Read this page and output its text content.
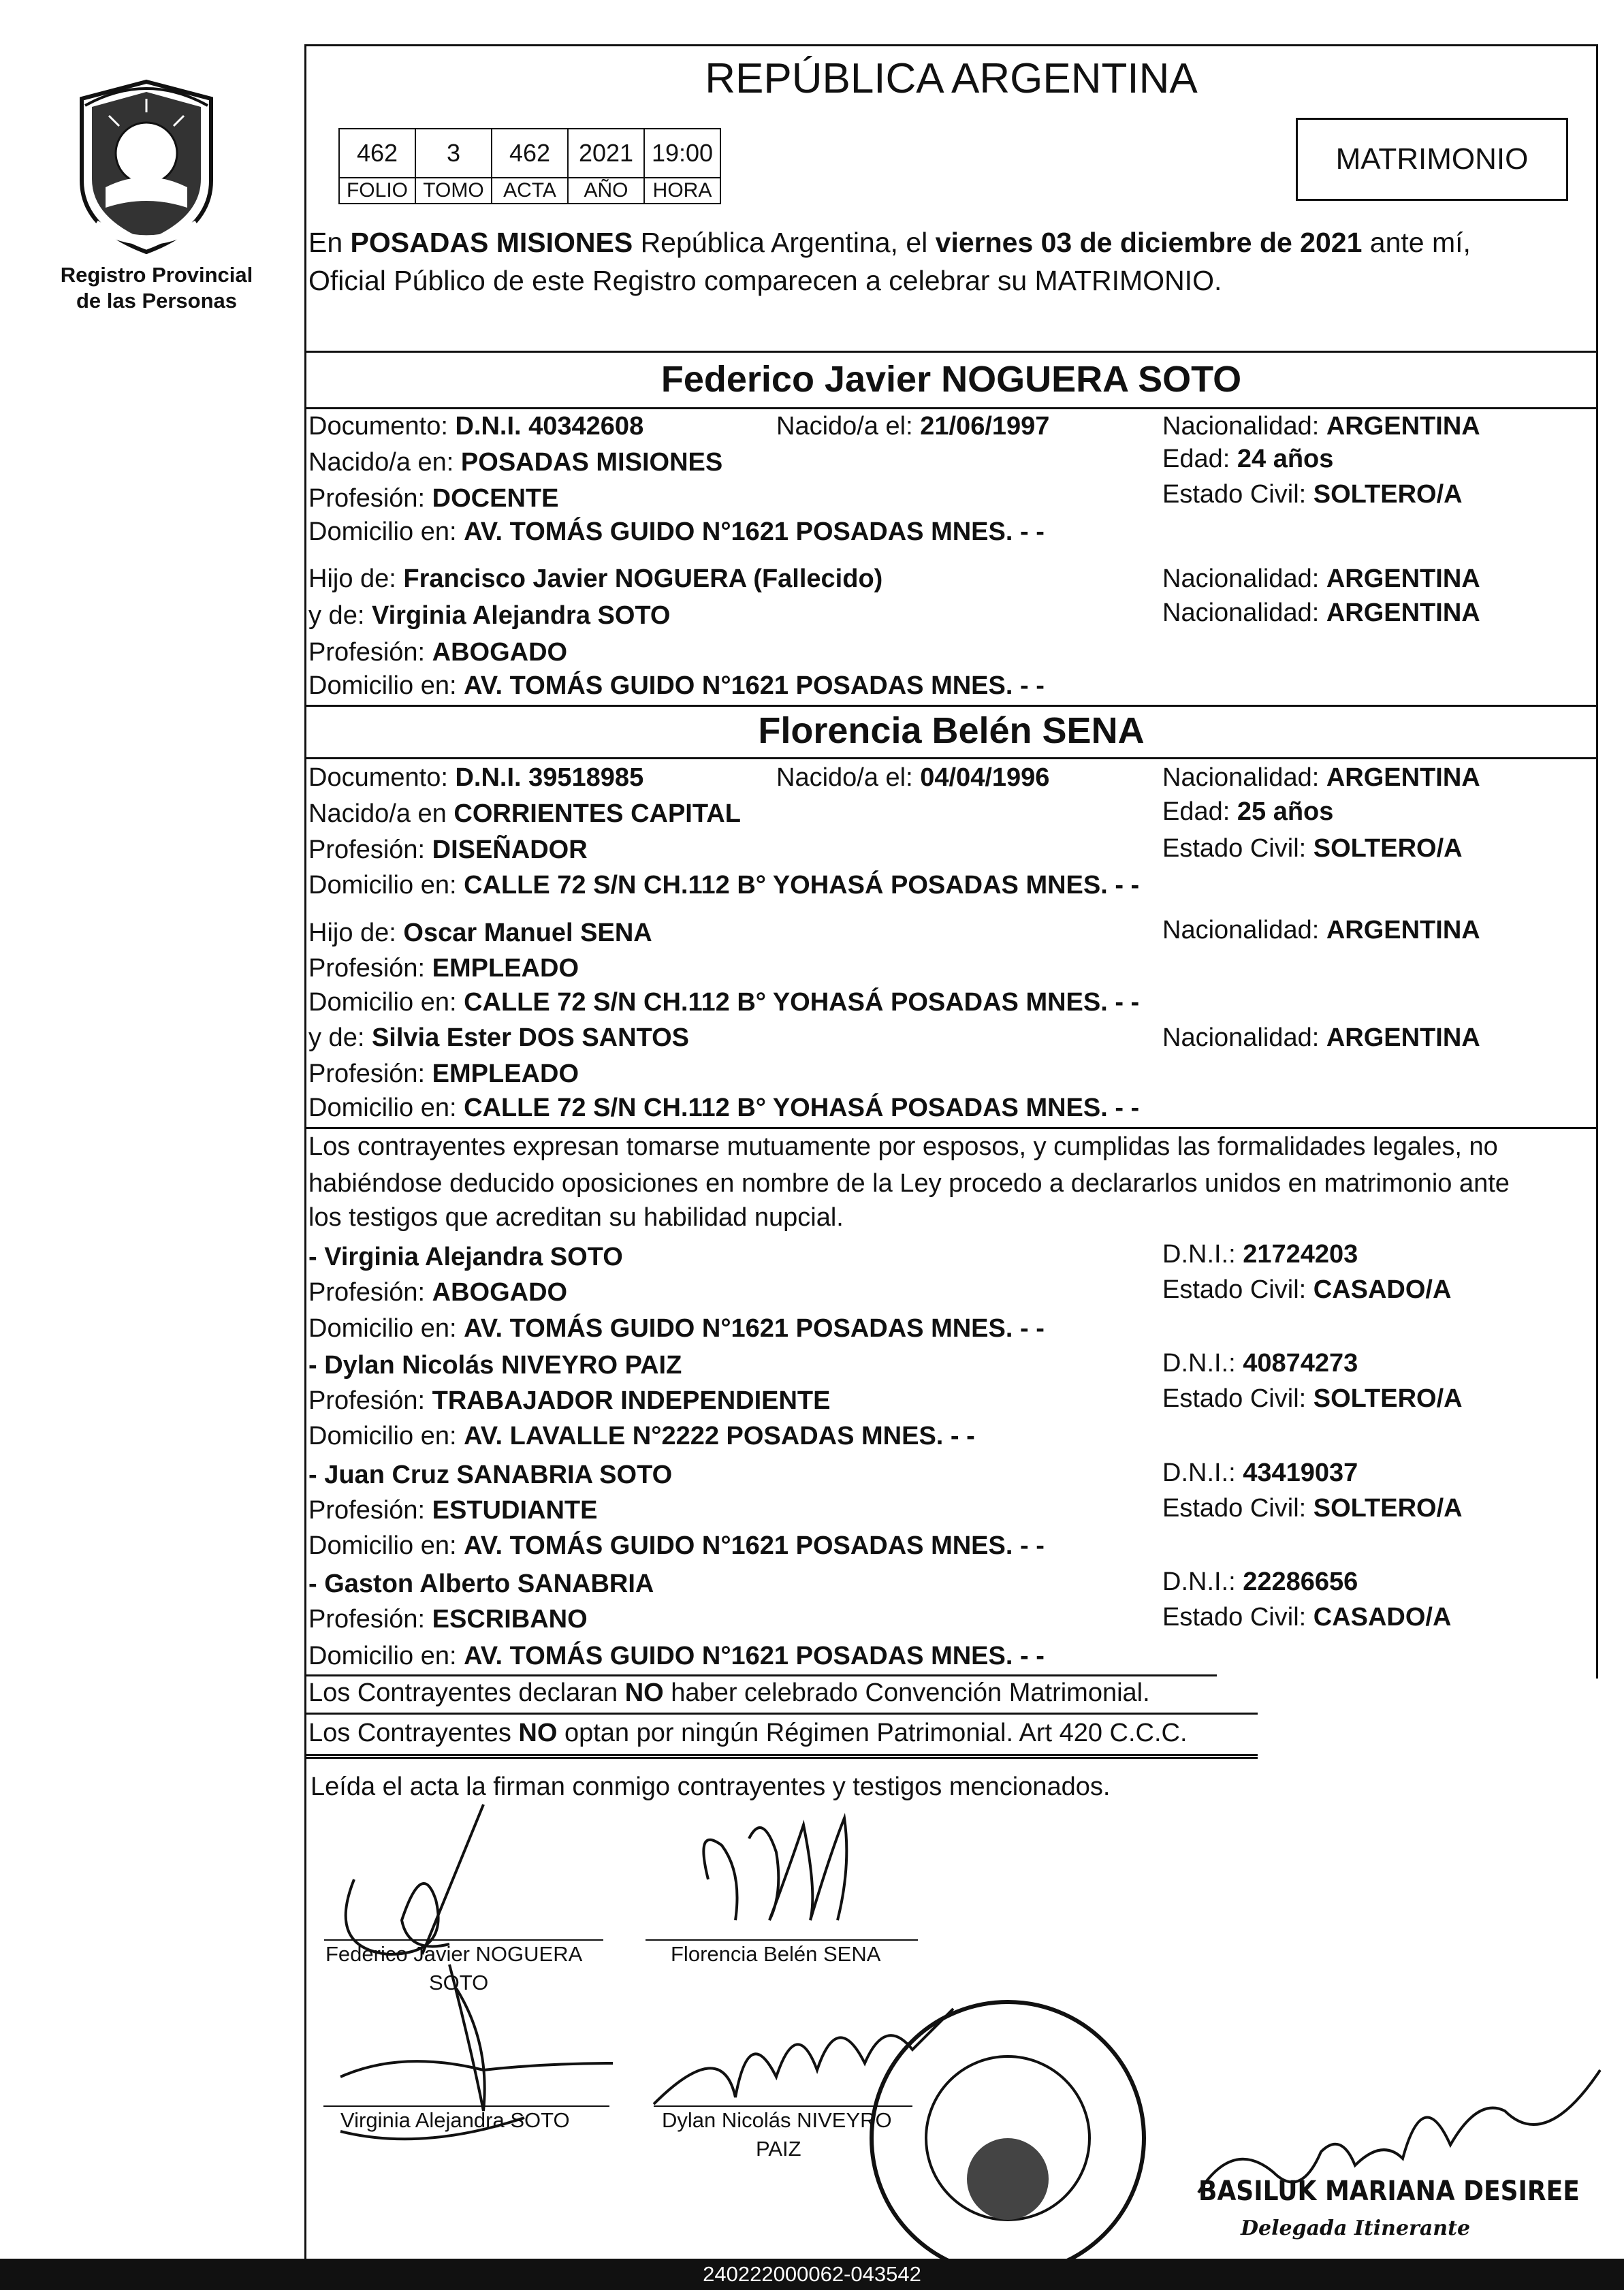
Registro Provincial
de las Personas
REPÚBLICA ARGENTINA
462	3	462	2021	19:00
FOLIO	TOMO	ACTA	AÑO	HORA
MATRIMONIO
En POSADAS MISIONES República Argentina, el viernes 03 de diciembre de 2021 ante mí,
Oficial Público de este Registro comparecen a celebrar su MATRIMONIO.
Federico Javier NOGUERA SOTO
Documento: D.N.I. 40342608	Nacido/a el: 21/06/1997	Nacionalidad: ARGENTINA
Nacido/a en: POSADAS MISIONES	Edad: 24 años
Profesión: DOCENTE	Estado Civil: SOLTERO/A
Domicilio en: AV. TOMÁS GUIDO N°1621 POSADAS MNES. - -
Hijo de: Francisco Javier NOGUERA (Fallecido)	Nacionalidad: ARGENTINA
y de: Virginia Alejandra SOTO	Nacionalidad: ARGENTINA
Profesión: ABOGADO
Domicilio en: AV. TOMÁS GUIDO N°1621 POSADAS MNES. - -
Florencia Belén SENA
Documento: D.N.I. 39518985	Nacido/a el: 04/04/1996	Nacionalidad: ARGENTINA
Nacido/a en CORRIENTES CAPITAL	Edad: 25 años
Profesión: DISEÑADOR	Estado Civil: SOLTERO/A
Domicilio en: CALLE 72 S/N CH.112 B° YOHASÁ POSADAS MNES. - -
Hijo de: Oscar Manuel SENA	Nacionalidad: ARGENTINA
Profesión: EMPLEADO
Domicilio en: CALLE 72 S/N CH.112 B° YOHASÁ POSADAS MNES. - -
y de: Silvia Ester DOS SANTOS	Nacionalidad: ARGENTINA
Profesión: EMPLEADO
Domicilio en: CALLE 72 S/N CH.112 B° YOHASÁ POSADAS MNES. - -
Los contrayentes expresan tomarse mutuamente por esposos, y cumplidas las formalidades legales, no
habiéndose deducido oposiciones en nombre de la Ley procedo a declararlos unidos en matrimonio ante
los testigos que acreditan su habilidad nupcial.
- Virginia Alejandra SOTO	D.N.I.: 21724203
Profesión: ABOGADO	Estado Civil: CASADO/A
Domicilio en: AV. TOMÁS GUIDO N°1621 POSADAS MNES. - -
- Dylan Nicolás NIVEYRO PAIZ	D.N.I.: 40874273
Profesión: TRABAJADOR INDEPENDIENTE	Estado Civil: SOLTERO/A
Domicilio en: AV. LAVALLE N°2222 POSADAS MNES. - -
- Juan Cruz SANABRIA SOTO	D.N.I.: 43419037
Profesión: ESTUDIANTE	Estado Civil: SOLTERO/A
Domicilio en: AV. TOMÁS GUIDO N°1621 POSADAS MNES. - -
- Gaston Alberto SANABRIA	D.N.I.: 22286656
Profesión: ESCRIBANO	Estado Civil: CASADO/A
Domicilio en: AV. TOMÁS GUIDO N°1621 POSADAS MNES. - -
Los Contrayentes declaran NO haber celebrado Convención Matrimonial.
Los Contrayentes NO optan por ningún Régimen Patrimonial. Art 420 C.C.C.
Leída el acta la firman conmigo contrayentes y testigos mencionados.
Federico Javier NOGUERA
SOTO
Florencia Belén SENA
Virginia Alejandra SOTO	Dylan Nicolás NIVEYRO
PAIZ
BASILUK MARIANA DESIREE
Delegada Itinerante
240222000062-043542
